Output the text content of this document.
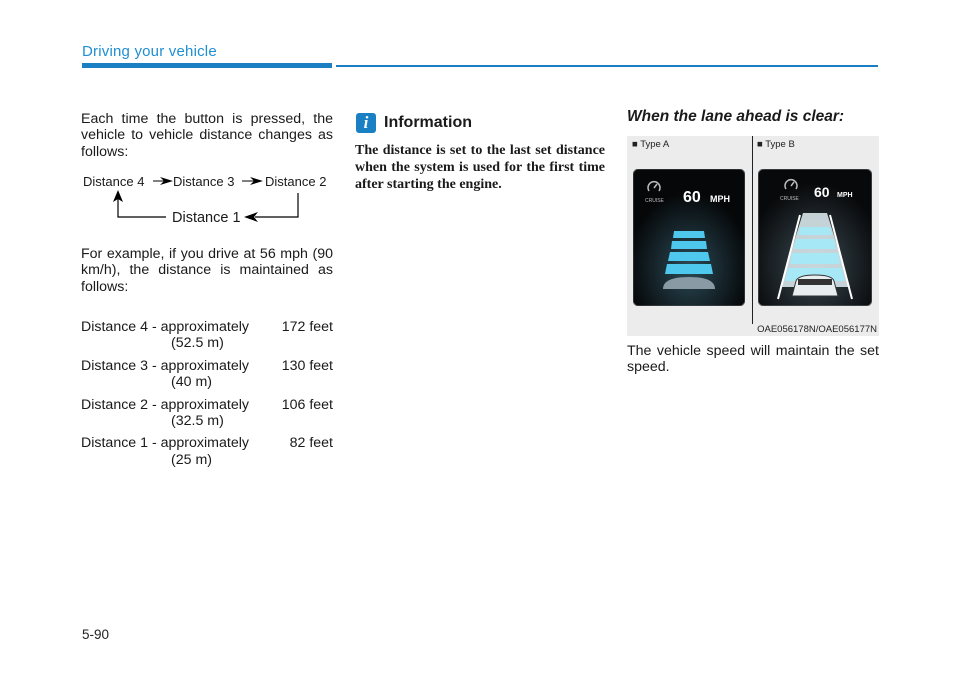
Driving your vehicle

Each time the button is pressed, the vehicle to vehicle distance changes as follows:

Distance 4 Distance 3 Distance 2
Distance 1

For example, if you drive at 56 mph (90 km/h), the distance is maintained as follows:

Distance 4 - approximately 172 feet
(52.5 m)
Distance 3 - approximately 130 feet
(40 m)
Distance 2 - approximately 106 feet
(32.5 m)
Distance 1 - approximately	82 feet
(25 m)
i Information

The distance is set to the last set distance when the system is used for the first time after starting the engine.

When the lane ahead is clear:
■ Type A	■ Type B
CRUISE 60 MPH	CRUISE 60 MPH
OAE056178N/OAE056177N

The vehicle speed will maintain the set speed.

5-90
